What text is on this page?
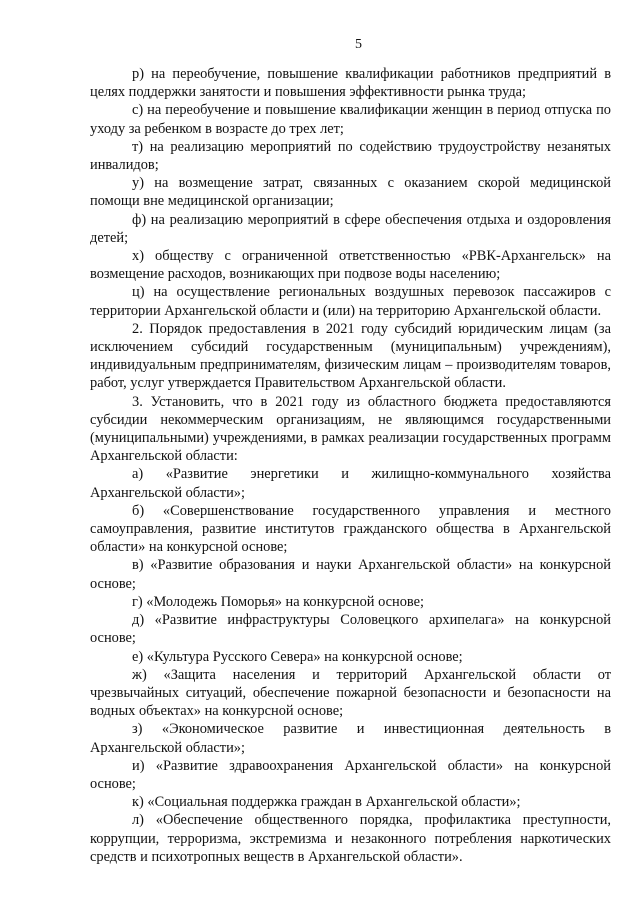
5

р) на переобучение, повышение квалификации работников предприятий в целях поддержки занятости и повышения эффективности рынка труда;

с) на переобучение и повышение квалификации женщин в период отпуска по уходу за ребенком в возрасте до трех лет;

т) на реализацию мероприятий по содействию трудоустройству незанятых инвалидов;

у) на возмещение затрат, связанных с оказанием скорой медицинской помощи вне медицинской организации;

ф) на реализацию мероприятий в сфере обеспечения отдыха и оздоровления детей;

х) обществу с ограниченной ответственностью «РВК-Архангельск» на возмещение расходов, возникающих при подвозе воды населению;

ц) на осуществление региональных воздушных перевозок пассажиров с территории Архангельской области и (или) на территорию Архангельской области.

2. Порядок предоставления в 2021 году субсидий юридическим лицам (за исключением субсидий государственным (муниципальным) учреждениям), индивидуальным предпринимателям, физическим лицам – производителям товаров, работ, услуг утверждается Правительством Архангельской области.

3. Установить, что в 2021 году из областного бюджета предоставляются субсидии некоммерческим организациям, не являющимся государственными (муниципальными) учреждениями, в рамках реализации государственных программ Архангельской области:

а) «Развитие энергетики и жилищно-коммунального хозяйства Архангельской области»;

б) «Совершенствование государственного управления и местного самоуправления, развитие институтов гражданского общества в Архангельской области» на конкурсной основе;

в) «Развитие образования и науки Архангельской области» на конкурсной основе;

г) «Молодежь Поморья» на конкурсной основе;

д) «Развитие инфраструктуры Соловецкого архипелага» на конкурсной основе;

е) «Культура Русского Севера» на конкурсной основе;

ж) «Защита населения и территорий Архангельской области от чрезвычайных ситуаций, обеспечение пожарной безопасности и безопасности на водных объектах» на конкурсной основе;

з) «Экономическое развитие и инвестиционная деятельность в Архангельской области»;

и) «Развитие здравоохранения Архангельской области» на конкурсной основе;

к) «Социальная поддержка граждан в Архангельской области»;

л) «Обеспечение общественного порядка, профилактика преступности, коррупции, терроризма, экстремизма и незаконного потребления наркотических средств и психотропных веществ в Архангельской области».
